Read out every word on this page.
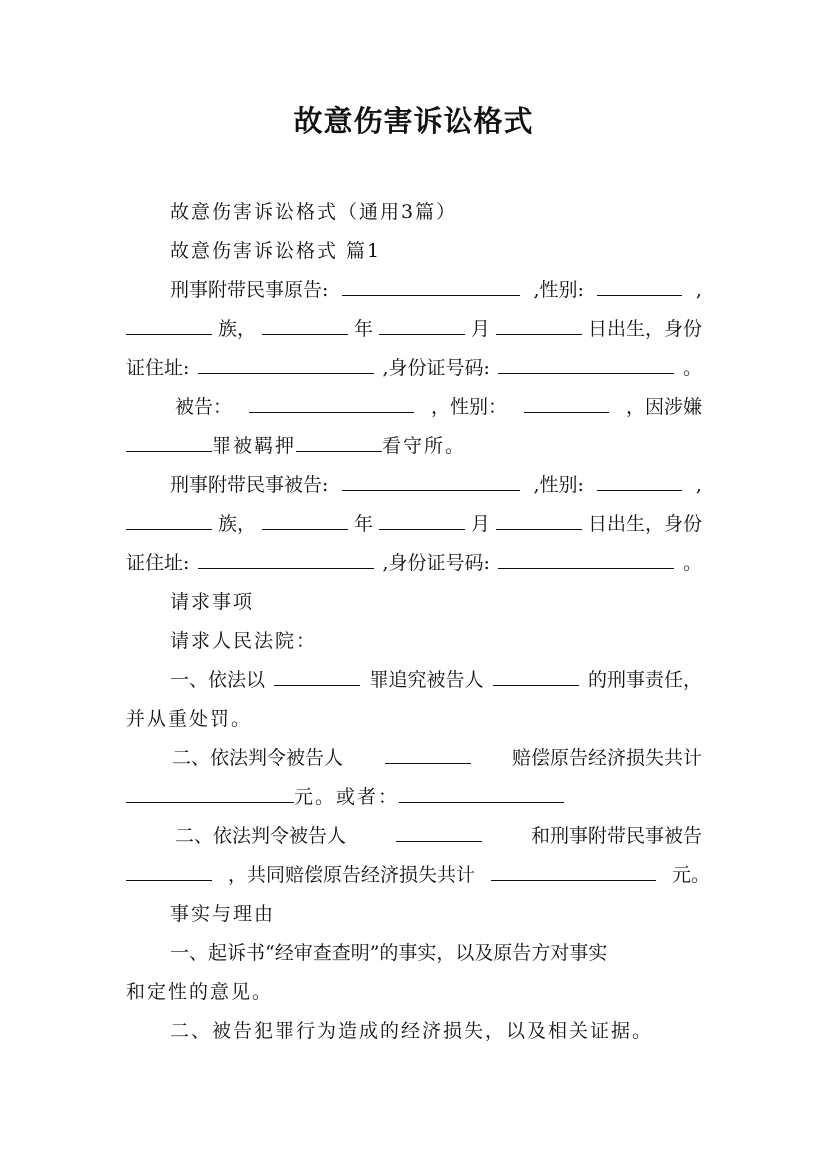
故意伤害诉讼格式
故意伤害诉讼格式（通用3篇）
故意伤害诉讼格式 篇1
刑事附带民事原告:	,性别:	,
族，	年	月	日出生，身份
证住址:	,身份证号码:	。
被告：	，性别：	，因涉嫌
罪被羁押	看守所。
刑事附带民事被告:	,性别:	,
族，	年	月	日出生，身份
证住址:	,身份证号码:	。
请求事项
请求人民法院：
一、依法以	罪追究被告人	的刑事责任，
并从重处罚。
二、依法判令被告人	赔偿原告经济损失共计
元。或者：
二、依法判令被告人	和刑事附带民事被告
，共同赔偿原告经济损失共计	元。
事实与理由
一、起诉书“经审查查明”的事实，以及原告方对事实
和定性的意见。
二、被告犯罪行为造成的经济损失，以及相关证据。
